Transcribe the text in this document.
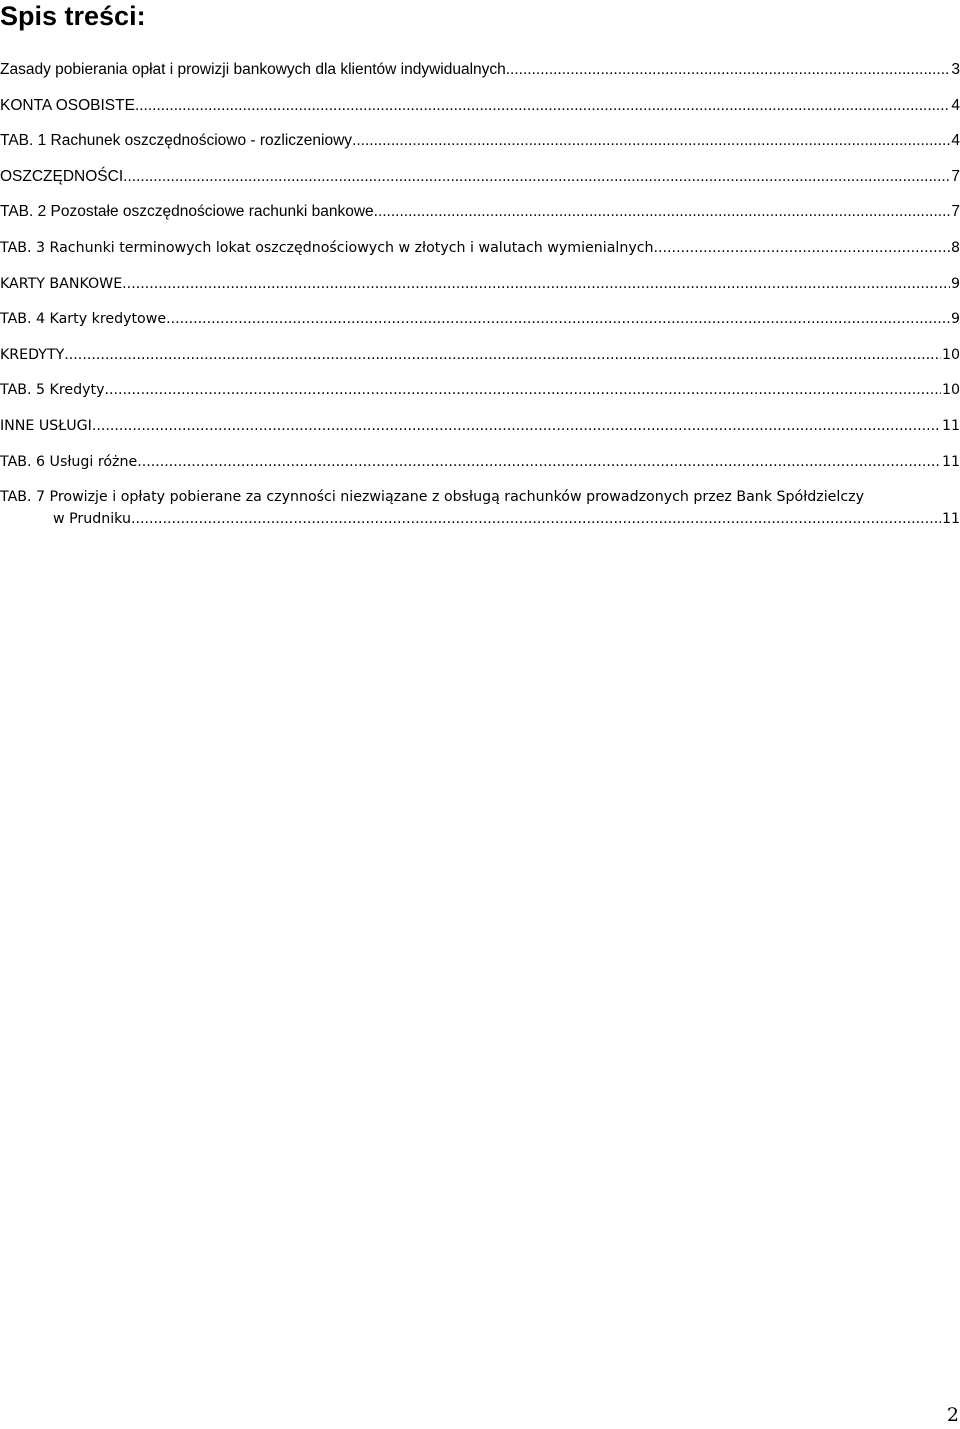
Spis treści:
Zasady pobierania opłat i prowizji bankowych dla klientów indywidualnych .....	3
KONTA OSOBISTE .....	4
TAB. 1 Rachunek oszczędnościowo - rozliczeniowy .....	4
OSZCZĘDNOŚCI .....	7
TAB. 2 Pozostałe oszczędnościowe rachunki bankowe .....	7
TAB. 3 Rachunki terminowych lokat oszczędnościowych w złotych i walutach wymienialnych .....	8
KARTY BANKOWE .....	9
TAB. 4 Karty kredytowe .....	9
KREDYTY .....	10
TAB. 5 Kredyty .....	10
INNE USŁUGI .....	11
TAB. 6 Usługi różne .....	11
TAB. 7 Prowizje i opłaty pobierane za czynności niezwiązane z obsługą rachunków prowadzonych przez Bank Spółdzielczy
w Prudniku .....	11

2
